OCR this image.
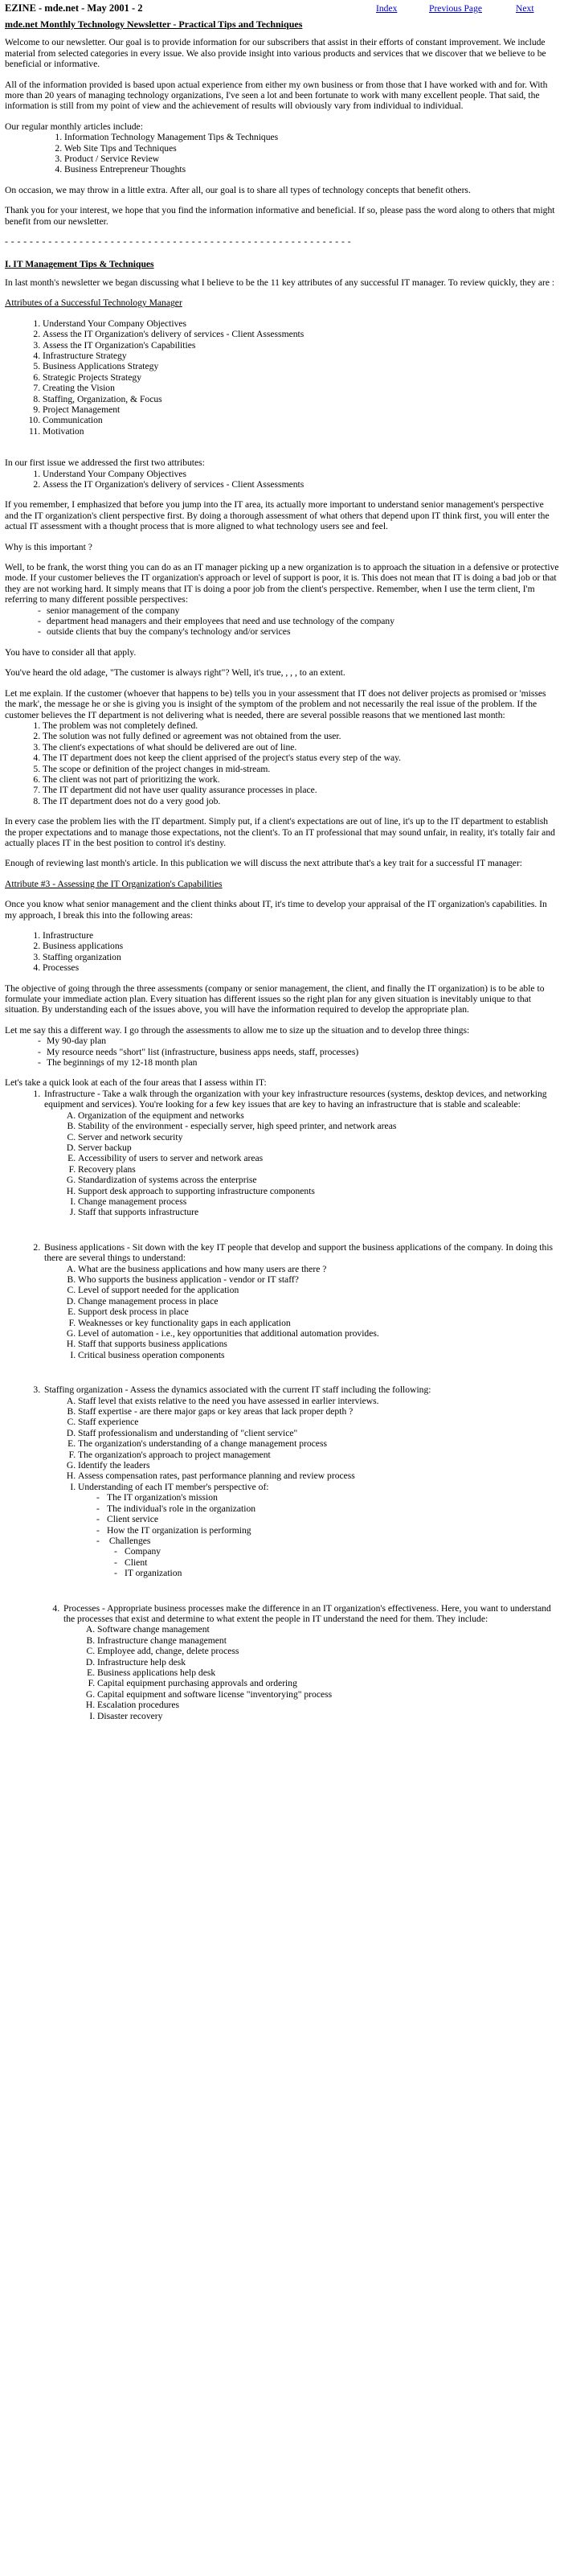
EZINE - mde.net - May 2001 - 2	Index	Previous Page	Next
mde.net Monthly Technology Newsletter - Practical Tips and Techniques

Welcome to our newsletter. Our goal is to provide information for our subscribers that assist in their efforts of constant improvement. We include material from selected categories in every issue. We also provide insight into various products and services that we discover that we believe to be beneficial or informative.

All of the information provided is based upon actual experience from either my own business or from those that I have worked with and for. With more than 20 years of managing technology organizations, I've seen a lot and been fortunate to work with many excellent people. That said, the information is still from my point of view and the achievement of results will obviously vary from individual to individual.

Our regular monthly articles include:

1. Information Technology Management Tips & Techniques
2. Web Site Tips and Techniques
3. Product / Service Review
4. Business Entrepreneur Thoughts

On occasion, we may throw in a little extra. After all, our goal is to share all types of technology concepts that benefit others.

Thank you for your interest, we hope that you find the information informative and beneficial. If so, please pass the word along to others that might benefit from our newsletter.

- - - - - - - - - - - - - - - - - - - - - - - - - - - - - - - - - - - - - - - - - - - - - - - - - - - - - - - -
I. IT Management Tips & Techniques

In last month's newsletter we began discussing what I believe to be the 11 key attributes of any successful IT manager. To review quickly, they are :

Attributes of a Successful Technology Manager

1. Understand Your Company Objectives
2. Assess the IT Organization's delivery of services - Client Assessments
3. Assess the IT Organization's Capabilities
4. Infrastructure Strategy
5. Business Applications Strategy
6. Strategic Projects Strategy
7. Creating the Vision
8. Staffing, Organization, & Focus
9. Project Management
10. Communication
11. Motivation

In our first issue we addressed the first two attributes:

1. Understand Your Company Objectives
2. Assess the IT Organization's delivery of services - Client Assessments

If you remember, I emphasized that before you jump into the IT area, its actually more important to understand senior management's perspective and the IT organization's client perspective first. By doing a thorough assessment of what others that depend upon IT think first, you will enter the actual IT assessment with a thought process that is more aligned to what technology users see and feel.

Why is this important ?

Well, to be frank, the worst thing you can do as an IT manager picking up a new organization is to approach the situation in a defensive or protective mode. If your customer believes the IT organization's approach or level of support is poor, it is. This does not mean that IT is doing a bad job or that they are not working hard. It simply means that IT is doing a poor job from the client's perspective. Remember, when I use the term client, I'm referring to many different possible perspectives:

- senior management of the company
- department head managers and their employees that need and use technology of the company
- outside clients that buy the company's technology and/or services

You have to consider all that apply.

You've heard the old adage, "The customer is always right"? Well, it's true, , , , to an extent.

Let me explain. If the customer (whoever that happens to be) tells you in your assessment that IT does not deliver projects as promised or 'misses the mark', the message he or she is giving you is insight of the symptom of the problem and not necessarily the real issue of the problem. If the customer believes the IT department is not delivering what is needed, there are several possible reasons that we mentioned last month:

1. The problem was not completely defined.
2. The solution was not fully defined or agreement was not obtained from the user.
3. The client's expectations of what should be delivered are out of line.
4. The IT department does not keep the client apprised of the project's status every step of the way.
5. The scope or definition of the project changes in mid-stream.
6. The client was not part of prioritizing the work.
7. The IT department did not have user quality assurance processes in place.
8. The IT department does not do a very good job.

In every case the problem lies with the IT department. Simply put, if a client's expectations are out of line, it's up to the IT department to establish the proper expectations and to manage those expectations, not the client's. To an IT professional that may sound unfair, in reality, it's totally fair and actually places IT in the best position to control it's destiny.

Enough of reviewing last month's article. In this publication we will discuss the next attribute that's a key trait for a successful IT manager:

Attribute #3 - Assessing the IT Organization's Capabilities

Once you know what senior management and the client thinks about IT, it's time to develop your appraisal of the IT organization's capabilities. In my approach, I break this into the following areas:

1. Infrastructure
2. Business applications
3. Staffing organization
4. Processes

The objective of going through the three assessments (company or senior management, the client, and finally the IT organization) is to be able to formulate your immediate action plan. Every situation has different issues so the right plan for any given situation is inevitably unique to that situation. By understanding each of the issues above, you will have the information required to develop the appropriate plan.

Let me say this a different way. I go through the assessments to allow me to size up the situation and to develop three things:

- My 90-day plan
- My resource needs "short" list (infrastructure, business apps needs, staff, processes)
- The beginnings of my 12-18 month plan

Let's take a quick look at each of the four areas that I assess within IT:

1. Infrastructure - Take a walk through the organization with your key infrastructure resources (systems, desktop devices, and networking equipment and services). You're looking for a few key issues that are key to having an infrastructure that is stable and scaleable:
A. Organization of the equipment and networks
B. Stability of the environment - especially server, high speed printer, and network areas
C. Server and network security
D. Server backup
E. Accessibility of users to server and network areas
F. Recovery plans
G. Standardization of systems across the enterprise
H. Support desk approach to supporting infrastructure components
I. Change management process
J. Staff that supports infrastructure
2. Business applications - Sit down with the key IT people that develop and support the business applications of the company. In doing this there are several things to understand:
A. What are the business applications and how many users are there ?
B. Who supports the business application - vendor or IT staff?
C. Level of support needed for the application
D. Change management process in place
E. Support desk process in place
F. Weaknesses or key functionality gaps in each application
G. Level of automation - i.e., key opportunities that additional automation provides.
H. Staff that supports business applications
I. Critical business operation components
3. Staffing organization - Assess the dynamics associated with the current IT staff including the following:
A. Staff level that exists relative to the need you have assessed in earlier interviews.
B. Staff expertise - are there major gaps or key areas that lack proper depth ?
C. Staff experience
D. Staff professionalism and understanding of "client service"
E. The organization's understanding of a change management process
F. The organization's approach to project management
G. Identify the leaders
H. Assess compensation rates, past performance planning and review process
I. Understanding of each IT member's perspective of:
- The IT organization's mission
- The individual's role in the organization
- Client service
- How the IT organization is performing
- Challenges
- Company
- Client
- IT organization
4. Processes - Appropriate business processes make the difference in an IT organization's effectiveness. Here, you want to understand the processes that exist and determine to what extent the people in IT understand the need for them. They include:
A. Software change management
B. Infrastructure change management
C. Employee add, change, delete process
D. Infrastructure help desk
E. Business applications help desk
F. Capital equipment purchasing approvals and ordering
G. Capital equipment and software license "inventorying" process
H. Escalation procedures
I. Disaster recovery
